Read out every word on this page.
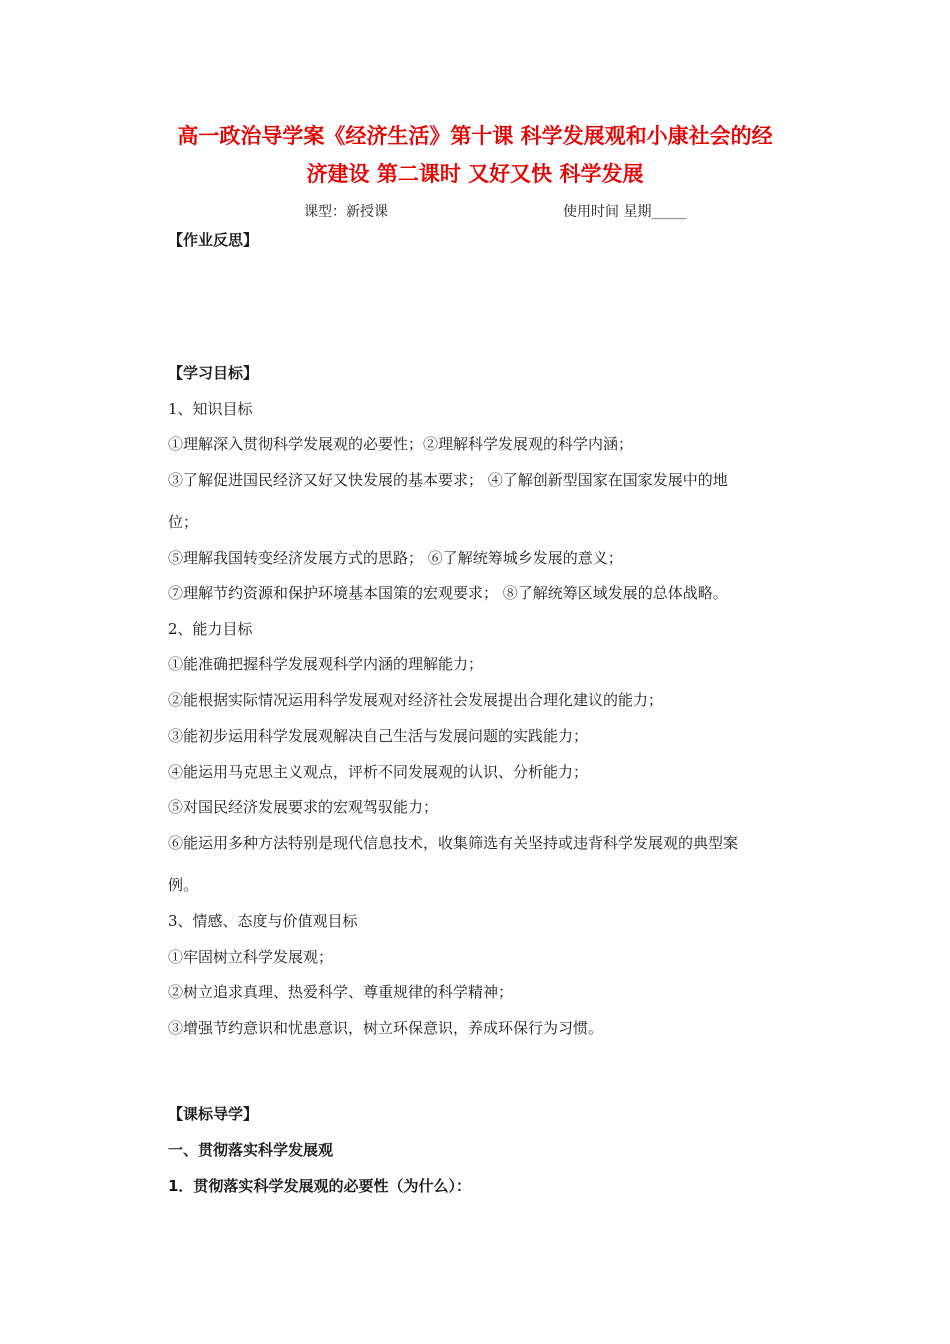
高一政治导学案《经济生活》第十课 科学发展观和小康社会的经
济建设 第二课时 又好又快 科学发展
课型：新授课	使用时间 星期_____
【作业反思】
【学习目标】
1、知识目标
①理解深入贯彻科学发展观的必要性；②理解科学发展观的科学内涵；
③了解促进国民经济又好又快发展的基本要求； ④了解创新型国家在国家发展中的地
位；
⑤理解我国转变经济发展方式的思路； ⑥了解统筹城乡发展的意义；
⑦理解节约资源和保护环境基本国策的宏观要求； ⑧了解统筹区域发展的总体战略。
2、能力目标
①能准确把握科学发展观科学内涵的理解能力；
②能根据实际情况运用科学发展观对经济社会发展提出合理化建议的能力；
③能初步运用科学发展观解决自己生活与发展问题的实践能力；
④能运用马克思主义观点，评析不同发展观的认识、分析能力；
⑤对国民经济发展要求的宏观驾驭能力；
⑥能运用多种方法特别是现代信息技术，收集筛选有关坚持或违背科学发展观的典型案
例。
3、情感、态度与价值观目标
①牢固树立科学发展观；
②树立追求真理、热爱科学、尊重规律的科学精神；
③增强节约意识和忧患意识，树立环保意识，养成环保行为习惯。
【课标导学】
一、贯彻落实科学发展观
1．贯彻落实科学发展观的必要性（为什么）：
